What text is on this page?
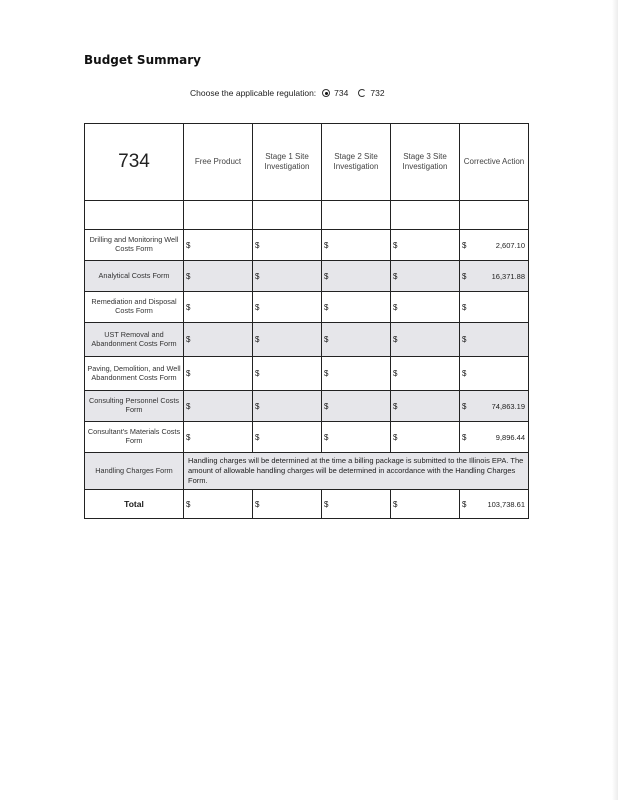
Budget Summary
Choose the applicable regulation: 734	732
734	Free Product	Stage 1 Site Investigation	Stage 2 Site Investigation	Stage 3 Site Investigation	Corrective Action

Drilling and Monitoring Well Costs Form	$	$	$	$	$ 2,607.10

Analytical Costs Form	$	$	$	$	$ 16,371.88

Remediation and Disposal Costs Form	$	$	$	$	$

UST Removal and Abandonment Costs Form	$	$	$	$	$

Paving, Demolition, and Well Abandonment Costs Form	$	$	$	$	$

Consulting Personnel Costs Form	$	$	$	$	$ 74,863.19

Consultant's Materials Costs Form	$	$	$	$	$ 9,896.44

Handling Charges Form	Handling charges will be determined at the time a billing package is submitted to the Illinois EPA. The amount of allowable handling charges will be determined in accordance with the Handling Charges Form.				
Total	$	$	$	$	$ 103,738.61
